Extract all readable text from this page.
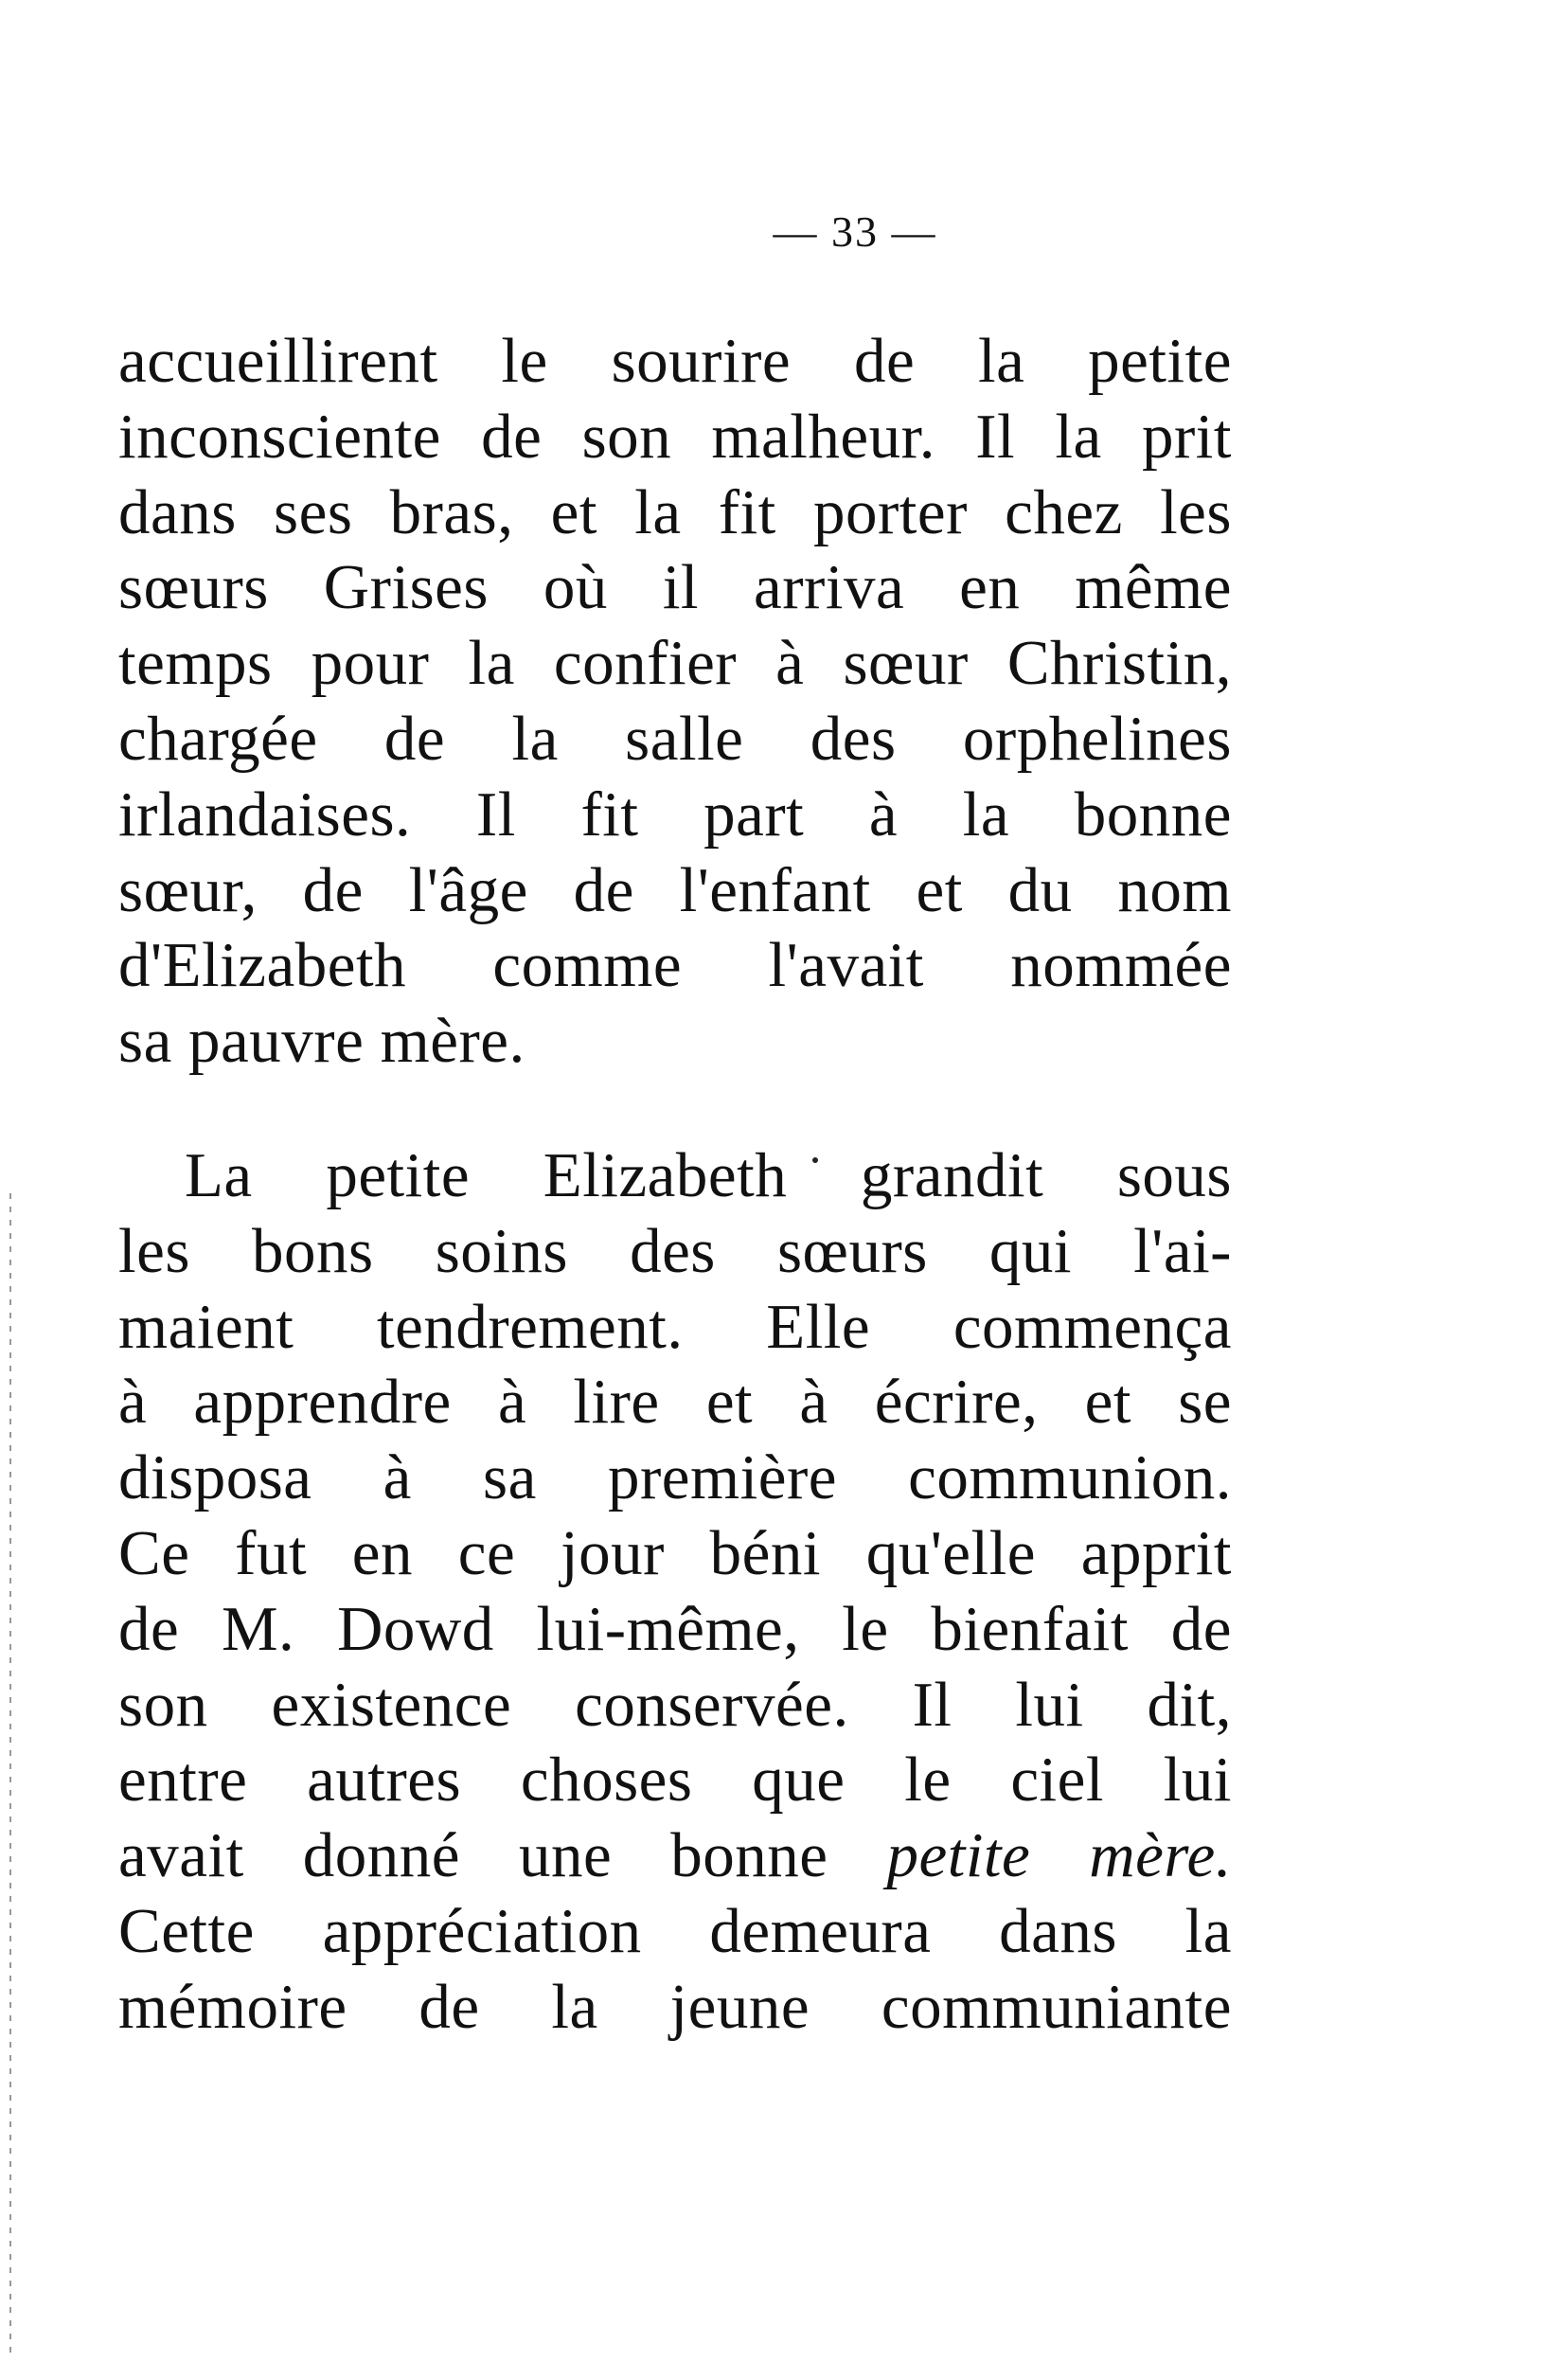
— 33 —
accueillirent le sourire de la petite
inconsciente de son malheur. Il la prit
dans ses bras, et la fit porter chez les
sœurs Grises où il arriva en même
temps pour la confier à sœur Christin,
chargée de la salle des orphelines
irlandaises. Il fit part à la bonne
sœur, de l'âge de l'enfant et du nom
d'Elizabeth comme l'avait nommée
sa pauvre mère.
La petite Elizabeth grandit sous
les bons soins des sœurs qui l'ai-
maient tendrement. Elle commença
à apprendre à lire et à écrire, et se
disposa à sa première communion.
Ce fut en ce jour béni qu'elle apprit
de M. Dowd lui-même, le bienfait de
son existence conservée. Il lui dit,
entre autres choses que le ciel lui
avait donné une bonne petite mère.
Cette appréciation demeura dans la
mémoire de la jeune communiante
